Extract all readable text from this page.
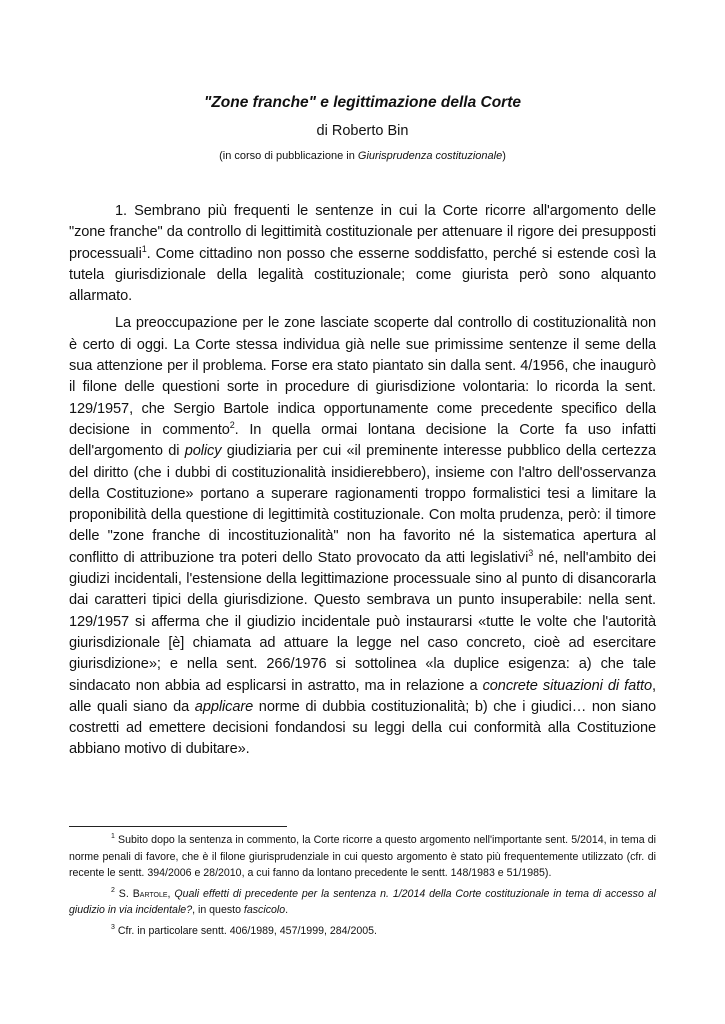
"Zone franche" e legittimazione della Corte
di Roberto Bin
(in corso di pubblicazione in Giurisprudenza costituzionale)

1. Sembrano più frequenti le sentenze in cui la Corte ricorre all'argomento delle "zone franche" da controllo di legittimità costituzionale per attenuare il rigore dei presupposti processuali$^1$. Come cittadino non posso che esserne soddisfatto, perché si estende così la tutela giurisdizionale della legalità costituzionale; come giurista però sono alquanto allarmato.

La preoccupazione per le zone lasciate scoperte dal controllo di costituzionalità non è certo di oggi. La Corte stessa individua già nelle sue primissime sentenze il seme della sua attenzione per il problema. Forse era stato piantato sin dalla sent. 4/1956, che inaugurò il filone delle questioni sorte in procedure di giurisdizione volontaria: lo ricorda la sent. 129/1957, che Sergio Bartole indica opportunamente come precedente specifico della decisione in commento$^2$. In quella ormai lontana decisione la Corte fa uso infatti dell'argomento di policy giudiziaria per cui «il preminente interesse pubblico della certezza del diritto (che i dubbi di costituzionalità insidierebbero), insieme con l'altro dell'osservanza della Costituzione» portano a superare ragionamenti troppo formalistici tesi a limitare la proponibilità della questione di legittimità costituzionale. Con molta prudenza, però: il timore delle "zone franche di incostituzionalità" non ha favorito né la sistematica apertura al conflitto di attribuzione tra poteri dello Stato provocato da atti legislativi$^3$ né, nell'ambito dei giudizi incidentali, l'estensione della legittimazione processuale sino al punto di disancorarla dai caratteri tipici della giurisdizione. Questo sembrava un punto insuperabile: nella sent. 129/1957 si afferma che il giudizio incidentale può instaurarsi «tutte le volte che l'autorità giurisdizionale [è] chiamata ad attuare la legge nel caso concreto, cioè ad esercitare giurisdizione»; e nella sent. 266/1976 si sottolinea «la duplice esigenza: a) che tale sindacato non abbia ad esplicarsi in astratto, ma in relazione a concrete situazioni di fatto, alle quali siano da applicare norme di dubbia costituzionalità; b) che i giudici… non siano costretti ad emettere decisioni fondandosi su leggi della cui conformità alla Costituzione abbiano motivo di dubitare».

$^1$ Subito dopo la sentenza in commento, la Corte ricorre a questo argomento nell'importante sent. 5/2014, in tema di norme penali di favore, che è il filone giurisprudenziale in cui questo argomento è stato più frequentemente utilizzato (cfr. di recente le sentt. 394/2006 e 28/2010, a cui fanno da lontano precedente le sentt. 148/1983 e 51/1985).

$^2$ S. Bartole, Quali effetti di precedente per la sentenza n. 1/2014 della Corte costituzionale in tema di accesso al giudizio in via incidentale?, in questo fascicolo.

$^3$ Cfr. in particolare sentt. 406/1989, 457/1999, 284/2005.
